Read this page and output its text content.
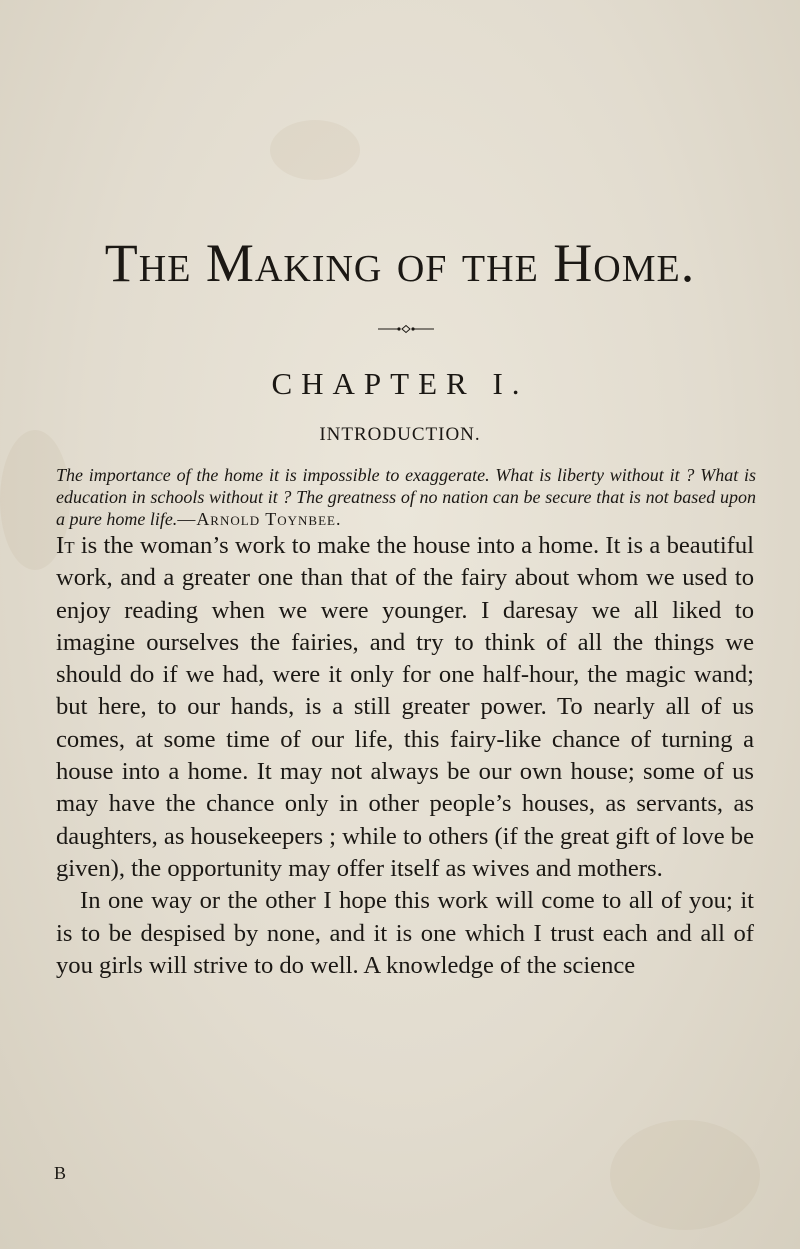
The Making of the Home.
CHAPTER I.
INTRODUCTION.

The importance of the home it is impossible to exaggerate. What is liberty without it ? What is education in schools without it ? The greatness of no nation can be secure that is not based upon a pure home life.—Arnold Toynbee.

It is the woman’s work to make the house into a home. It is a beautiful work, and a greater one than that of the fairy about whom we used to enjoy reading when we were younger. I daresay we all liked to imagine ourselves the fairies, and try to think of all the things we should do if we had, were it only for one half-hour, the magic wand; but here, to our hands, is a still greater power. To nearly all of us comes, at some time of our life, this fairy-like chance of turning a house into a home. It may not always be our own house; some of us may have the chance only in other people’s houses, as servants, as daughters, as housekeepers ; while to others (if the great gift of love be given), the opportunity may offer itself as wives and mothers.

In one way or the other I hope this work will come to all of you; it is to be despised by none, and it is one which I trust each and all of you girls will strive to do well. A knowledge of the science

B
